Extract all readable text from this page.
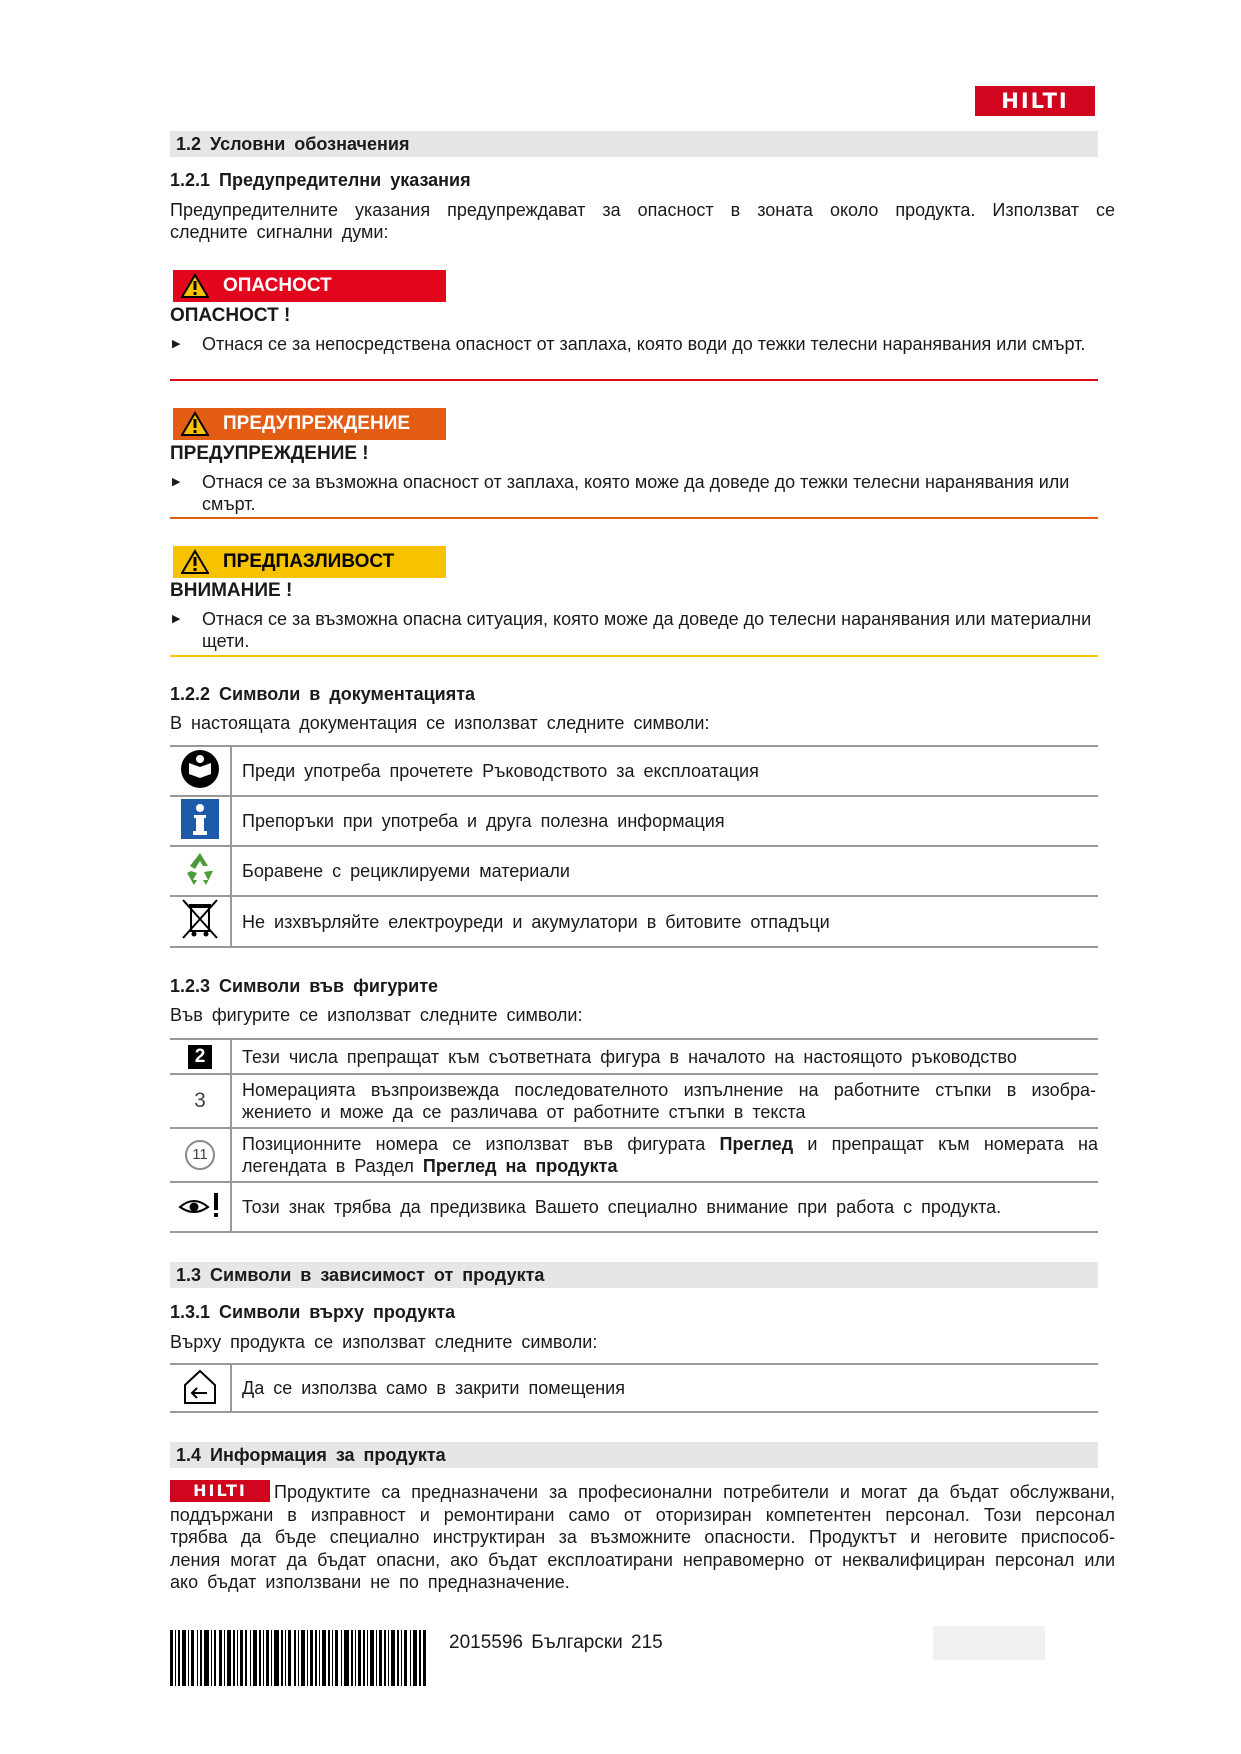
HILTI
1.2 Условни обозначения
1.2.1 Предупредителни указания
Предупредителните указания предупреждават за опасност в зоната около продукта. Използват се следните сигнални думи:
ОПАСНОСТ
ОПАСНОСТ !
▶ Отнася се за непосредствена опасност от заплаха, която води до тежки телесни наранявания или смърт.
ПРЕДУПРЕЖДЕНИЕ
ПРЕДУПРЕЖДЕНИЕ !
▶ Отнася се за възможна опасност от заплаха, която може да доведе до тежки телесни наранявания или смърт.
ПРЕДПАЗЛИВОСТ
ВНИМАНИЕ !
▶ Отнася се за възможна опасна ситуация, която може да доведе до телесни наранявания или материални щети.
1.2.2 Символи в документацията
В настоящата документация се използват следните символи:
	Преди употреба прочетете Ръководството за експлоатация
	Препоръки при употреба и друга полезна информация
	Боравене с рециклируеми материали
	Не изхвърляйте електроуреди и акумулатори в битовите отпадъци
1.2.3 Символи във фигурите
Във фигурите се използват следните символи:
2	Тези числа препращат към съответната фигура в началото на настоящото ръководство
3	Номерацията възпроизвежда последователното изпълнение на работните стъпки в изобра-жението и може да се различава от работните стъпки в текста
11	Позиционните номера се използват във фигурата Преглед и препращат към номерата на легендата в Раздел Преглед на продукта
	Този знак трябва да предизвика Вашето специално внимание при работа с продукта.
1.3 Символи в зависимост от продукта
1.3.1 Символи върху продукта
Върху продукта се използват следните символи:
	Да се използва само в закрити помещения
1.4 Информация за продукта
HILTI	Продуктите са предназначени за професионални потребители и могат да бъдат обслужвани, поддържани в изправност и ремонтирани само от оторизиран компетентен персонал. Този персонал трябва да бъде специално инструктиран за възможните опасности. Продуктът и неговите приспособ-ления могат да бъдат опасни, ако бъдат експлоатирани неправомерно от неквалифициран персонал или ако бъдат използвани не по предназначение.
2015596 Български 215
